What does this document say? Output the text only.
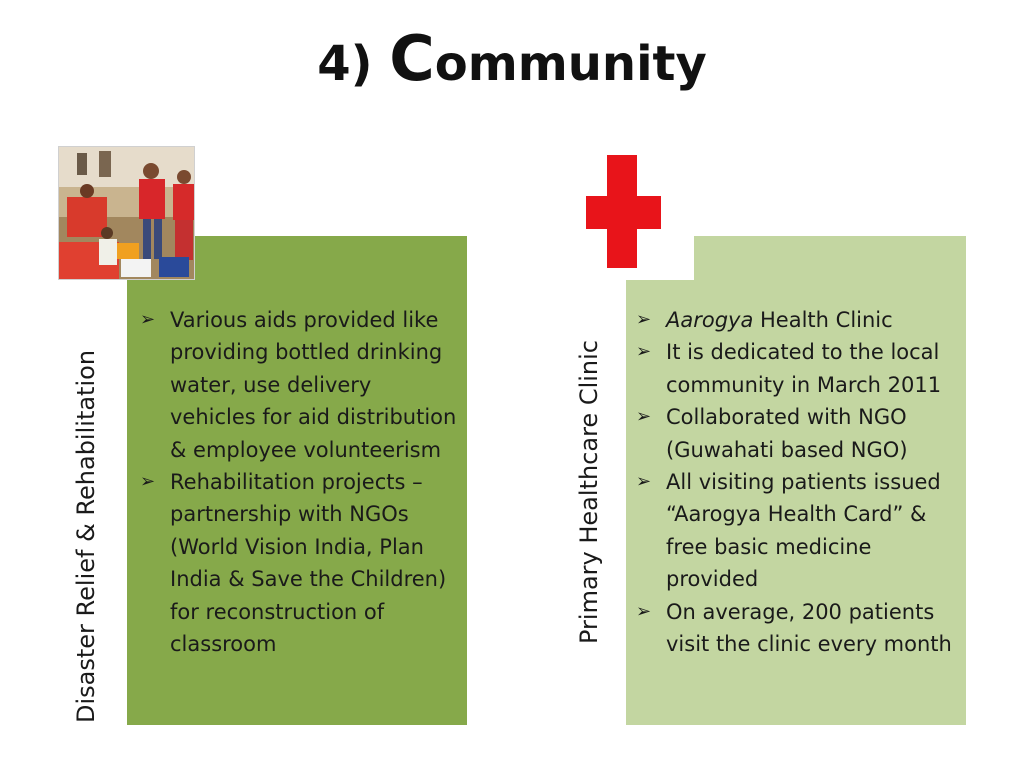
4) Community
Disaster Relief & Rehabilitation
➢ Various aids provided like providing bottled drinking water, use delivery vehicles for aid distribution & employee volunteerism
➢ Rehabilitation projects – partnership with NGOs (World Vision India, Plan India & Save the Children) for reconstruction of classroom
Primary Healthcare Clinic
➢ Aarogya Health Clinic
➢ It is dedicated to the local community in March 2011
➢ Collaborated with NGO (Guwahati based NGO)
➢ All visiting patients issued “Aarogya Health Card” & free basic medicine provided
➢ On average, 200 patients visit the clinic every month
